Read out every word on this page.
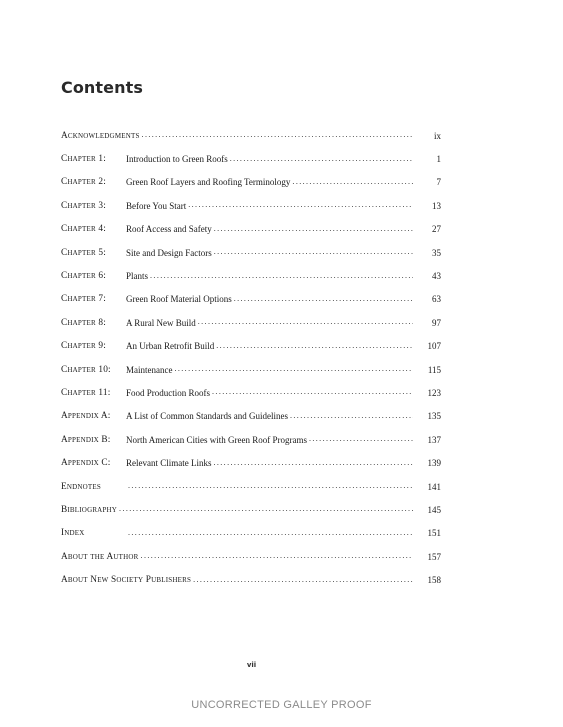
Contents
Acknowledgments .....	ix
Chapter 1:	Introduction to Green Roofs .....	1
Chapter 2:	Green Roof Layers and Roofing Terminology .....	7
Chapter 3:	Before You Start .....	13
Chapter 4:	Roof Access and Safety .....	27
Chapter 5:	Site and Design Factors .....	35
Chapter 6:	Plants .....	43
Chapter 7:	Green Roof Material Options .....	63
Chapter 8:	A Rural New Build .....	97
Chapter 9:	An Urban Retrofit Build .....	107
Chapter 10:	Maintenance .....	115
Chapter 11:	Food Production Roofs .....	123
Appendix A:	A List of Common Standards and Guidelines .....	135
Appendix B:	North American Cities with Green Roof Programs .....	137
Appendix C:	Relevant Climate Links .....	139
Endnotes .....	141
Bibliography .....	145
Index .....	151
About the Author .....	157
About New Society Publishers .....	158
vii
UNCORRECTED GALLEY PROOF
